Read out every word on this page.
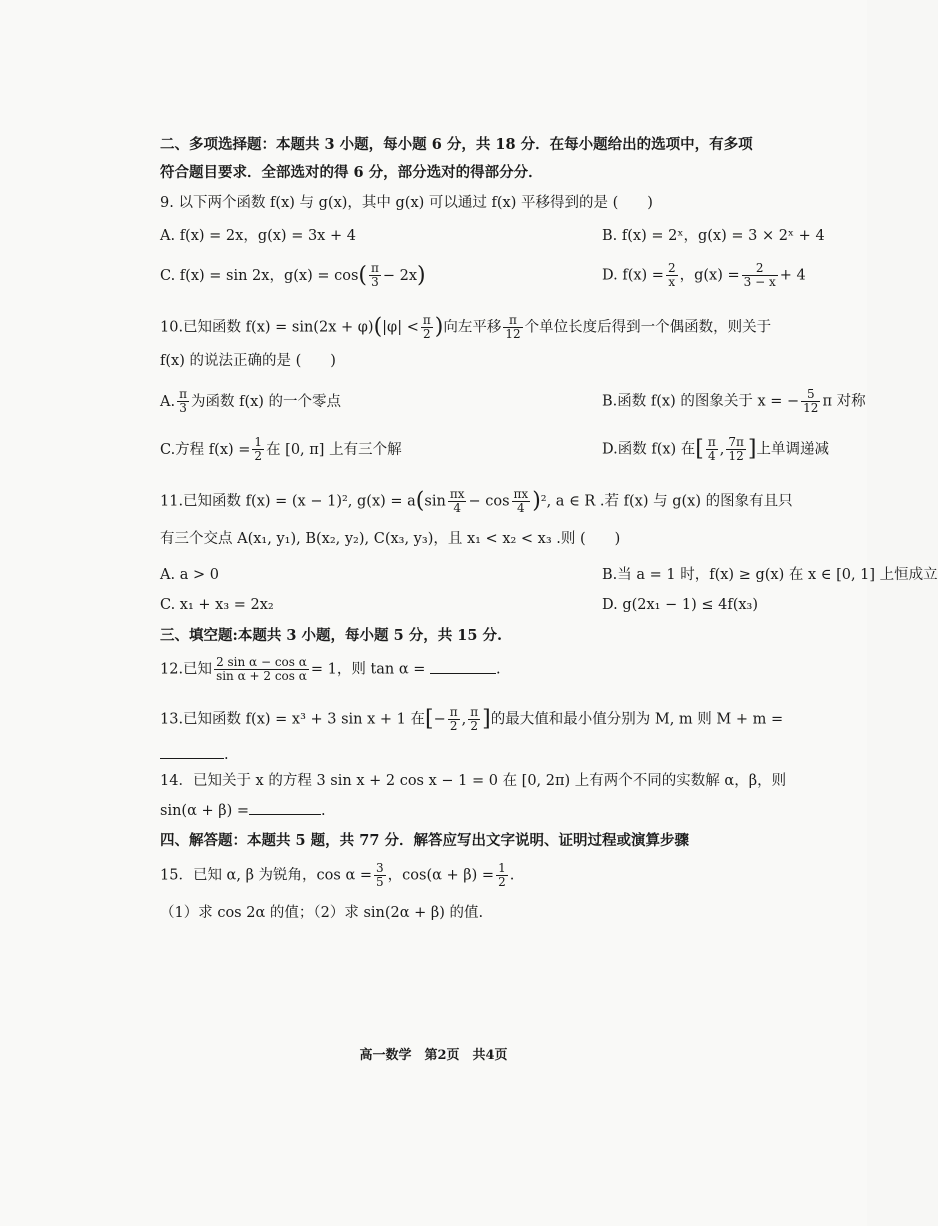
二、多项选择题：本题共 3 小题，每小题 6 分，共 18 分．在每小题给出的选项中，有多项
符合题目要求．全部选对的得 6 分，部分选对的得部分分．
9. 以下两个函数 f(x) 与 g(x)，其中 g(x) 可以通过 f(x) 平移得到的是 (　　)
A. f(x) = 2x，g(x) = 3x + 4	B. f(x) = 2ˣ，g(x) = 3 × 2ˣ + 4
C. f(x) = sin 2x，$g(x) = \cos( \frac{\pi}{3} - 2x)$	D. $f(x) = \frac{2}{x}$ ，$g(x) = \frac{2}{3 - x} + 4$
10.已知函数 $f(x) = \sin(2x + \varphi)(|\varphi| < \frac{\pi}{2}$ )向左平移 $\frac{\pi}{12}$ 个单位长度后得到一个偶函数，则关于
f(x) 的说法正确的是 (　　)
A. $\frac{\pi}{3}$ 为函数 f(x) 的一个零点	B.函数 f(x) 的图象关于 x = − $\frac{5}{12}$ π 对称
C.方程 $f(x) = \frac{1}{2}$ 在 [0, π] 上有三个解	D.函数 f(x) 在[ $\frac{\pi}{4}$ , $\frac{7\pi}{12}$ ]上单调递减
11.已知函数 f(x) = (x − 1)², $g(x) = a(\sin \frac{\pi x}{4} - \cos \frac{\pi x}{4} )^2$, a ∈ R .若 f(x) 与 g(x) 的图象有且只
有三个交点 A(x₁, y₁), B(x₂, y₂), C(x₃, y₃)，且 x₁ < x₂ < x₃ .则 (　　)
A. a > 0	B.当 a = 1 时，f(x) ≥ g(x) 在 x ∈ [0, 1] 上恒成立
C. x₁ + x₃ = 2x₂	D. g(2x₁ − 1) ≤ 4f(x₃)
三、填空题:本题共 3 小题，每小题 5 分，共 15 分.
12.已知 $\frac{\text{2 sin α − cos α}}{\text{sin α + 2 cos α}} = 1$，则 tan α =	.
13.已知函数 f(x) = x³ + 3 sin x + 1 在[− $\frac{\pi}{2}$ , $\frac{\pi}{2}$ ]的最大值和最小值分别为 M, m 则 M + m =
.
14．已知关于 x 的方程 3 sin x + 2 cos x − 1 = 0 在 [0, 2π) 上有两个不同的实数解 α，β，则
sin(α + β) =	.
四、解答题：本题共 5 题，共 77 分．解答应写出文字说明、证明过程或演算步骤
15．已知 α, β 为锐角，$\cos \alpha = \frac{3}{5}$ ，$\cos(\alpha + \beta) = \frac{1}{2}$ .
（1）求 cos 2α 的值；（2）求 sin(2α + β) 的值.
高一数学　第2页　共4页
